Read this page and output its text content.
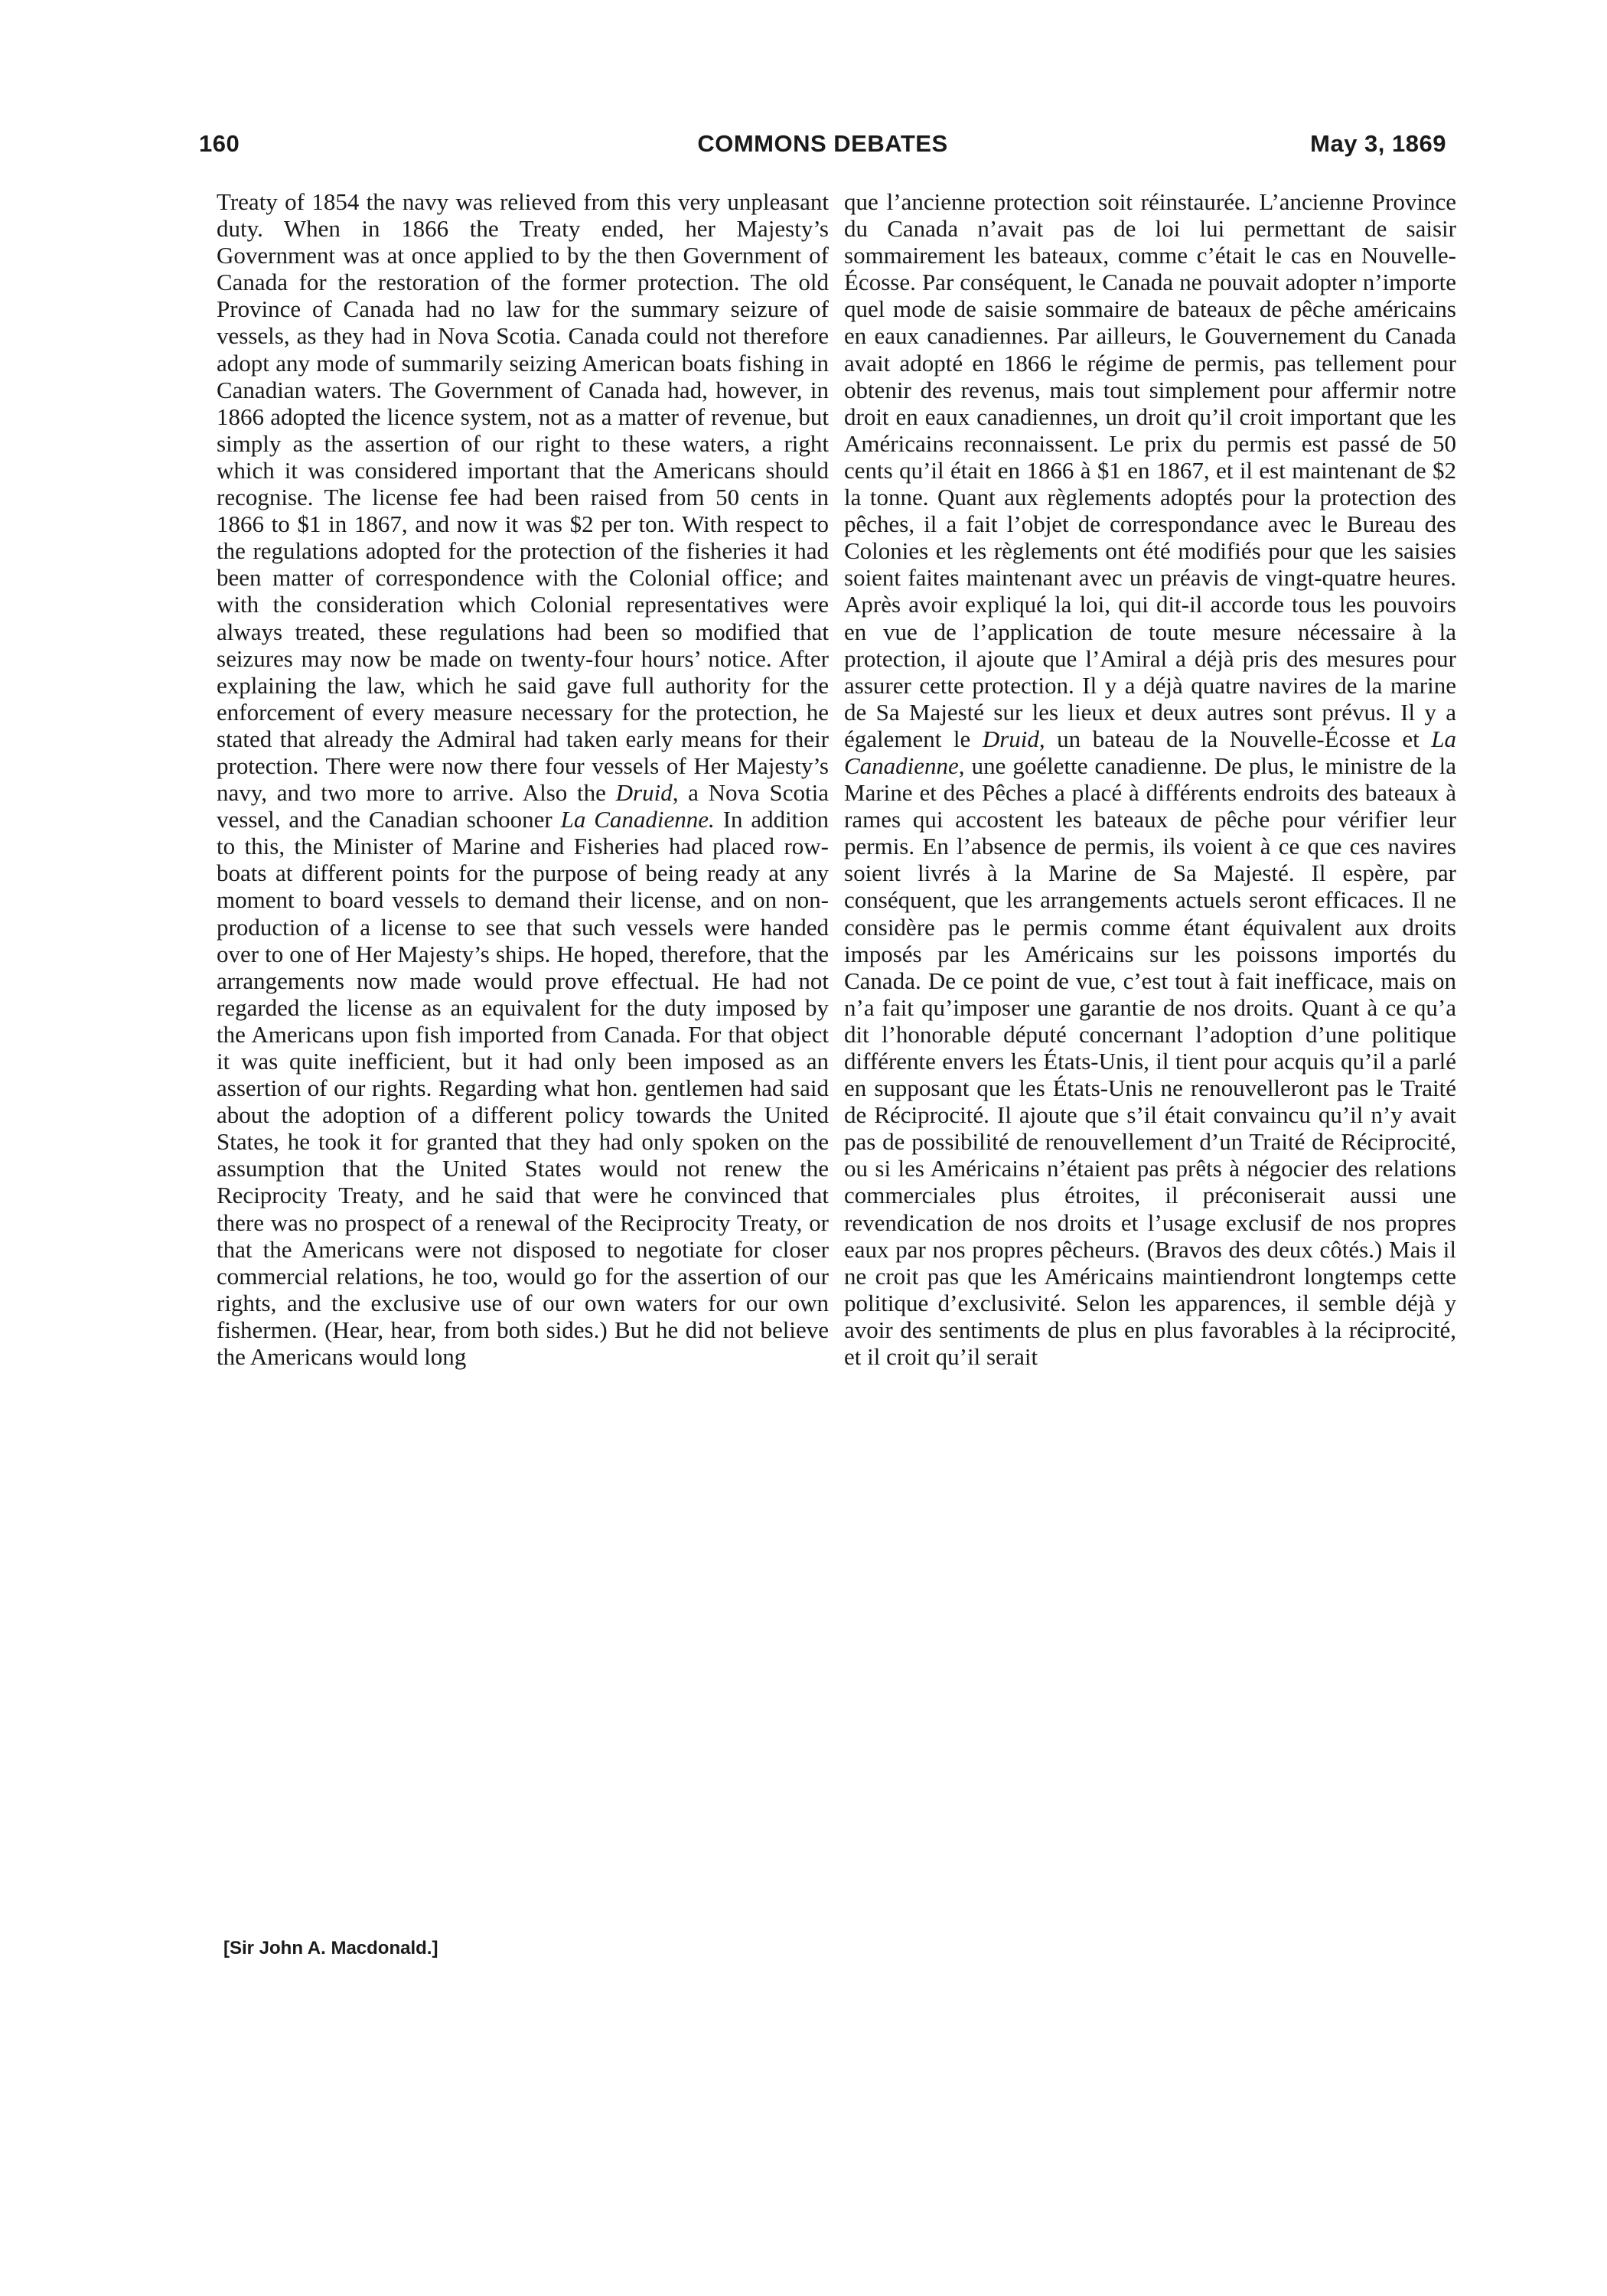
160	COMMONS DEBATES	May 3, 1869

Treaty of 1854 the navy was relieved from this very unpleasant duty. When in 1866 the Treaty ended, her Majesty’s Government was at once applied to by the then Government of Canada for the restoration of the former protection. The old Province of Canada had no law for the summary seizure of vessels, as they had in Nova Scotia. Canada could not therefore adopt any mode of summarily seizing American boats fishing in Canadian waters. The Government of Canada had, however, in 1866 adopted the licence system, not as a matter of revenue, but simply as the assertion of our right to these waters, a right which it was considered important that the Americans should recognise. The license fee had been raised from 50 cents in 1866 to $1 in 1867, and now it was $2 per ton. With respect to the regulations adopted for the protection of the fisheries it had been matter of correspondence with the Colonial office; and with the consideration which Colonial representatives were always treated, these regulations had been so modified that seizures may now be made on twenty-four hours’ notice. After explaining the law, which he said gave full authority for the enforcement of every measure necessary for the protection, he stated that already the Admiral had taken early means for their protection. There were now there four vessels of Her Majesty’s navy, and two more to arrive. Also the Druid, a Nova Scotia vessel, and the Canadian schooner La Canadienne. In addition to this, the Minister of Marine and Fisheries had placed row-boats at different points for the purpose of being ready at any moment to board vessels to demand their license, and on non-production of a license to see that such vessels were handed over to one of Her Majesty’s ships. He hoped, therefore, that the arrangements now made would prove effectual. He had not regarded the license as an equivalent for the duty imposed by the Americans upon fish imported from Canada. For that object it was quite inefficient, but it had only been imposed as an assertion of our rights. Regarding what hon. gentlemen had said about the adoption of a different policy towards the United States, he took it for granted that they had only spoken on the assumption that the United States would not renew the Reciprocity Treaty, and he said that were he convinced that there was no prospect of a renewal of the Reciprocity Treaty, or that the Americans were not disposed to negotiate for closer commercial relations, he too, would go for the assertion of our rights, and the exclusive use of our own waters for our own fishermen. (Hear, hear, from both sides.) But he did not believe the Americans would long

que l’ancienne protection soit réinstaurée. L’ancienne Province du Canada n’avait pas de loi lui permettant de saisir sommairement les bateaux, comme c’était le cas en Nouvelle-Écosse. Par conséquent, le Canada ne pouvait adopter n’importe quel mode de saisie sommaire de bateaux de pêche américains en eaux canadiennes. Par ailleurs, le Gouvernement du Canada avait adopté en 1866 le régime de permis, pas tellement pour obtenir des revenus, mais tout simplement pour affermir notre droit en eaux canadiennes, un droit qu’il croit important que les Américains reconnaissent. Le prix du permis est passé de 50 cents qu’il était en 1866 à $1 en 1867, et il est maintenant de $2 la tonne. Quant aux règlements adoptés pour la protection des pêches, il a fait l’objet de correspondance avec le Bureau des Colonies et les règlements ont été modifiés pour que les saisies soient faites maintenant avec un préavis de vingt-quatre heures. Après avoir expliqué la loi, qui dit-il accorde tous les pouvoirs en vue de l’application de toute mesure nécessaire à la protection, il ajoute que l’Amiral a déjà pris des mesures pour assurer cette protection. Il y a déjà quatre navires de la marine de Sa Majesté sur les lieux et deux autres sont prévus. Il y a également le Druid, un bateau de la Nouvelle-Écosse et La Canadienne, une goélette canadienne. De plus, le ministre de la Marine et des Pêches a placé à différents endroits des bateaux à rames qui accostent les bateaux de pêche pour vérifier leur permis. En l’absence de permis, ils voient à ce que ces navires soient livrés à la Marine de Sa Majesté. Il espère, par conséquent, que les arrangements actuels seront efficaces. Il ne considère pas le permis comme étant équivalent aux droits imposés par les Américains sur les poissons importés du Canada. De ce point de vue, c’est tout à fait inefficace, mais on n’a fait qu’imposer une garantie de nos droits. Quant à ce qu’a dit l’honorable député concernant l’adoption d’une politique différente envers les États-Unis, il tient pour acquis qu’il a parlé en supposant que les États-Unis ne renouvelleront pas le Traité de Réciprocité. Il ajoute que s’il était convaincu qu’il n’y avait pas de possibilité de renouvellement d’un Traité de Réciprocité, ou si les Américains n’étaient pas prêts à négocier des relations commerciales plus étroites, il préconiserait aussi une revendication de nos droits et l’usage exclusif de nos propres eaux par nos propres pêcheurs. (Bravos des deux côtés.) Mais il ne croit pas que les Américains maintiendront longtemps cette politique d’exclusivité. Selon les apparences, il semble déjà y avoir des sentiments de plus en plus favorables à la réciprocité, et il croit qu’il serait

[Sir John A. Macdonald.]
